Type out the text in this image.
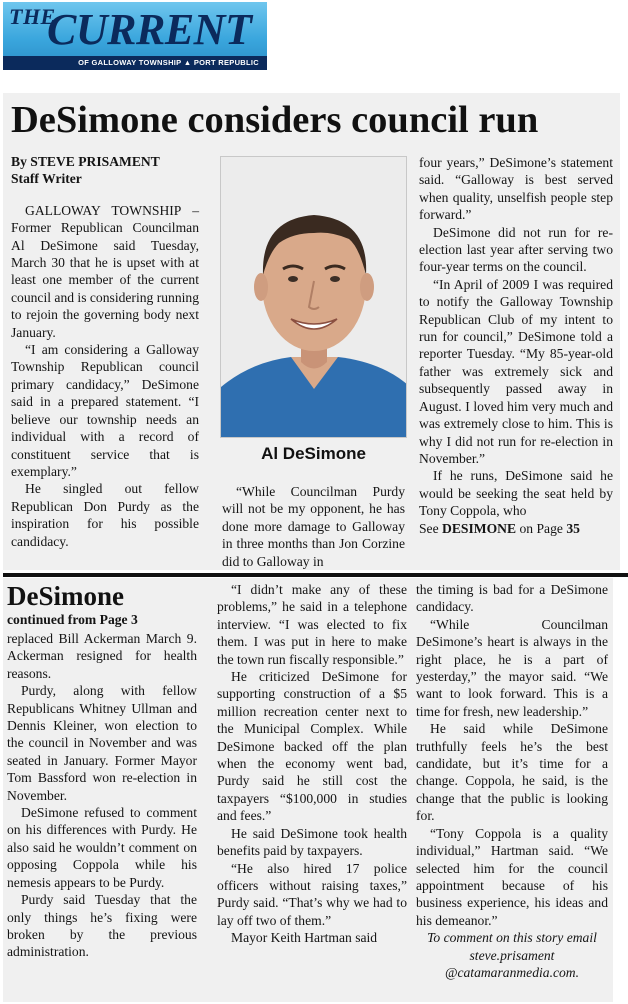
THE
CURRENT
OF GALLOWAY TOWNSHIP ▲ PORT REPUBLIC
DeSimone considers council run
By STEVE PRISAMENT
Staff Writer

GALLOWAY TOWNSHIP – Former Republican Councilman Al DeSimone said Tuesday, March 30 that he is upset with at least one member of the current council and is considering running to rejoin the governing body next January.

“I am considering a Galloway Township Republican council primary candidacy,” DeSimone said in a prepared statement. “I believe our township needs an individual with a record of constituent service that is exemplary.”

He singled out fellow Republican Don Purdy as the inspiration for his possible candidacy.

Al DeSimone

“While Councilman Purdy will not be my opponent, he has done more damage to Galloway in three months than Jon Corzine did to Galloway in

four years,” DeSimone’s statement said. “Galloway is best served when quality, unselfish people step forward.”

DeSimone did not run for re-election last year after serving two four-year terms on the council.

“In April of 2009 I was required to notify the Galloway Township Republican Club of my intent to run for council,” DeSimone told a reporter Tuesday. “My 85-year-old father was extremely sick and subsequently passed away in August. I loved him very much and was extremely close to him. This is why I did not run for re-election in November.”

If he runs, DeSimone said he would be seeking the seat held by Tony Coppola, who

See DESIMONE on Page 35

DeSimone
continued from Page 3

replaced Bill Ackerman March 9. Ackerman resigned for health reasons.

Purdy, along with fellow Republicans Whitney Ullman and Dennis Kleiner, won election to the council in November and was seated in January. Former Mayor Tom Bassford won re-election in November.

DeSimone refused to comment on his differences with Purdy. He also said he wouldn’t comment on opposing Coppola while his nemesis appears to be Purdy.

Purdy said Tuesday that the only things he’s fixing were broken by the previous administration.

“I didn’t make any of these problems,” he said in a telephone interview. “I was elected to fix them. I was put in here to make the town run fiscally responsible.”

He criticized DeSimone for supporting construction of a $5 million recreation center next to the Municipal Complex. While DeSimone backed off the plan when the economy went bad, Purdy said he still cost the taxpayers “$100,000 in studies and fees.”

He said DeSimone took health benefits paid by taxpayers.

“He also hired 17 police officers without raising taxes,” Purdy said. “That’s why we had to lay off two of them.”

Mayor Keith Hartman said

the timing is bad for a DeSimone candidacy.

“While Councilman DeSimone’s heart is always in the right place, he is a part of yesterday,” the mayor said. “We want to look forward. This is a time for fresh, new leadership.”

He said while DeSimone truthfully feels he’s the best candidate, but it’s time for a change. Coppola, he said, is the change that the public is looking for.

“Tony Coppola is a quality individual,” Hartman said. “We selected him for the council appointment because of his business experience, his ideas and his demeanor.”

To comment on this story email steve.prisament @catamaranmedia.com.
